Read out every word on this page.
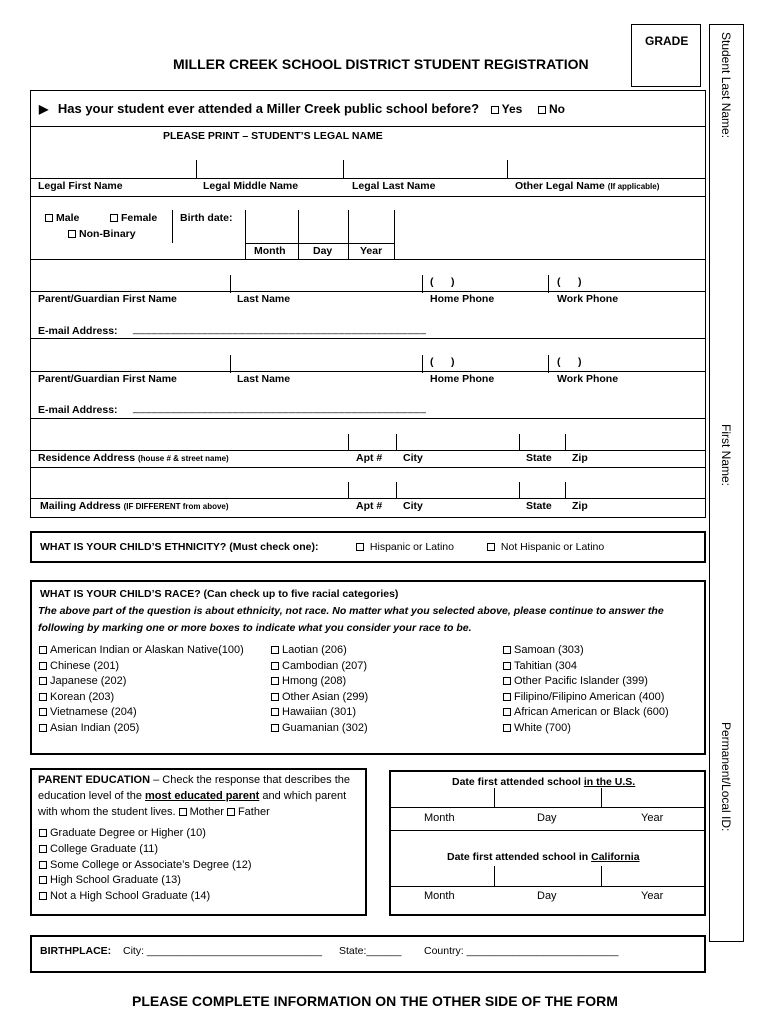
GRADE
MILLER CREEK SCHOOL DISTRICT STUDENT REGISTRATION	Student Last Name:
First Name:
Permanent/Local ID:
▶ Has your student ever attended a Miller Creek public school before? Yes No
PLEASE PRINT – STUDENT’S LEGAL NAME
Legal First Name	Legal Middle Name	Legal Last Name	Other Legal Name (If applicable)
Male	Female
Non-Binary
Birth date:
Month	Day	Year
(      )	(      )
Parent/Guardian First Name	Last Name	Home Phone	Work Phone
E-mail Address: _______________________________________________
(      )	(      )
Parent/Guardian First Name	Last Name	Home Phone	Work Phone
E-mail Address: _______________________________________________
Residence Address (house # & street name)	Apt # City	State Zip
Mailing Address (IF DIFFERENT from above)	Apt # City	State Zip
WHAT IS YOUR CHILD’S ETHNICITY? (Must check one):	Hispanic or Latino	Not Hispanic or Latino
WHAT IS YOUR CHILD’S RACE? (Can check up to five racial categories)
The above part of the question is about ethnicity, not race. No matter what you selected above, please continue to answer the
following by marking one or more boxes to indicate what you consider your race to be.
American Indian or Alaskan Native(100)
Chinese (201)
Japanese (202)
Korean (203)
Vietnamese (204)
Asian Indian (205)
Laotian (206)
Cambodian (207)
Hmong (208)
Other Asian (299)
Hawaiian (301)
Guamanian (302)
Samoan (303)
Tahitian (304
Other Pacific Islander (399)
Filipino/Filipino American (400)
African American or Black (600)
White (700)
PARENT EDUCATION – Check the response that describes the
education level of the most educated parent and which parent
with whom the student lives. Mother Father
Graduate Degree or Higher (10)
College Graduate (11)
Some College or Associate’s Degree (12)
High School Graduate (13)
Not a High School Graduate (14)
Date first attended school in the U.S.
Month	Day	Year
Date first attended school in California
Month	Day	Year
BIRTHPLACE: City: ______________________________ State:______ Country: __________________________
PLEASE COMPLETE INFORMATION ON THE OTHER SIDE OF THE FORM
